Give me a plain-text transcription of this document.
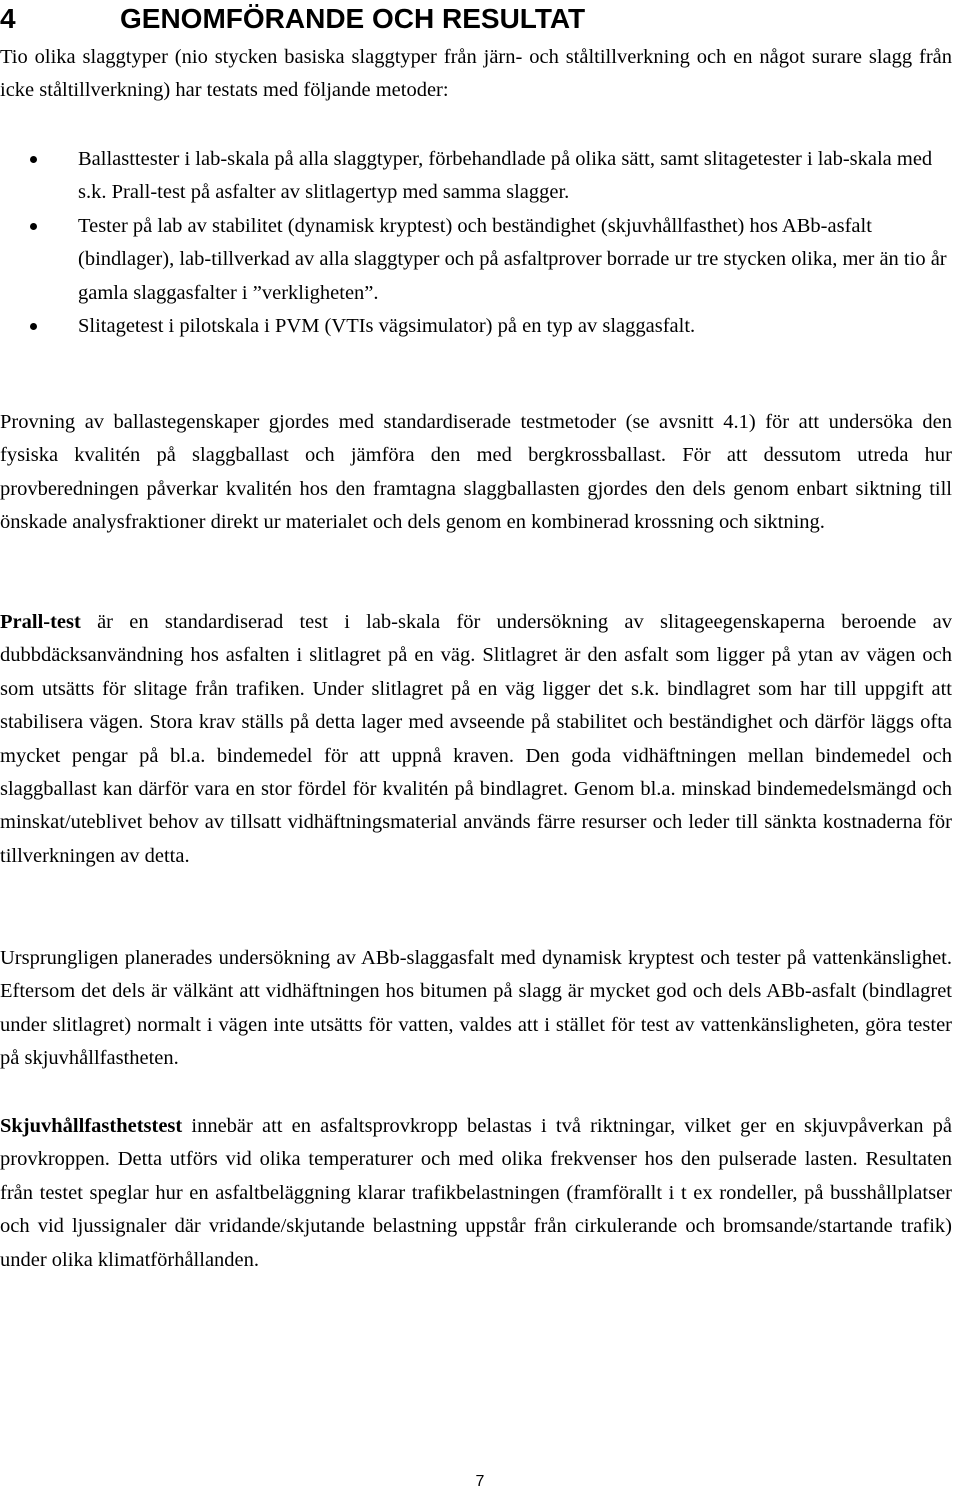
4	GENOMFÖRANDE OCH RESULTAT
Tio olika slaggtyper (nio stycken basiska slaggtyper från järn- och ståltillverkning och en något surare slagg från icke ståltillverkning) har testats med följande metoder:
Ballasttester i lab-skala på alla slaggtyper, förbehandlade på olika sätt, samt slitagetester i lab-skala med s.k. Prall-test på asfalter av slitlagertyp med samma slagger.
Tester på lab av stabilitet (dynamisk kryptest) och beständighet (skjuvhållfasthet) hos ABb-asfalt (bindlager), lab-tillverkad av alla slaggtyper och på asfaltprover borrade ur tre stycken olika, mer än tio år gamla slaggasfalter i ”verkligheten”.
Slitagetest i pilotskala i PVM (VTIs vägsimulator) på en typ av slaggasfalt.
Provning av ballastegenskaper gjordes med standardiserade testmetoder (se avsnitt 4.1) för att undersöka den fysiska kvalitén på slaggballast och jämföra den med bergkrossballast. För att dessutom utreda hur provberedningen påverkar kvalitén hos den framtagna slaggballasten gjordes den dels genom enbart siktning till önskade analysfraktioner direkt ur materialet och dels genom en kombinerad krossning och siktning.
Prall-test är en standardiserad test i lab-skala för undersökning av slitageegenskaperna beroende av dubbdäcksanvändning hos asfalten i slitlagret på en väg. Slitlagret är den asfalt som ligger på ytan av vägen och som utsätts för slitage från trafiken. Under slitlagret på en väg ligger det s.k. bindlagret som har till uppgift att stabilisera vägen. Stora krav ställs på detta lager med avseende på stabilitet och beständighet och därför läggs ofta mycket pengar på bl.a. bindemedel för att uppnå kraven. Den goda vidhäftningen mellan bindemedel och slaggballast kan därför vara en stor fördel för kvalitén på bindlagret. Genom bl.a. minskad bindemedelsmängd och minskat/uteblivet behov av tillsatt vidhäftningsmaterial används färre resurser och leder till sänkta kostnaderna för tillverkningen av detta.
Ursprungligen planerades undersökning av ABb-slaggasfalt med dynamisk kryptest och tester på vattenkänslighet. Eftersom det dels är välkänt att vidhäftningen hos bitumen på slagg är mycket god och dels ABb-asfalt (bindlagret under slitlagret) normalt i vägen inte utsätts för vatten, valdes att i stället för test av vattenkänsligheten, göra tester på skjuvhållfastheten.
Skjuvhållfasthetstest innebär att en asfaltsprovkropp belastas i två riktningar, vilket ger en skjuvpåverkan på provkroppen. Detta utförs vid olika temperaturer och med olika frekvenser hos den pulserade lasten. Resultaten från testet speglar hur en asfaltbeläggning klarar trafikbelastningen (framförallt i t ex rondeller, på busshållplatser och vid ljussignaler där vridande/skjutande belastning uppstår från cirkulerande och bromsande/startande trafik) under olika klimatförhållanden.
7
